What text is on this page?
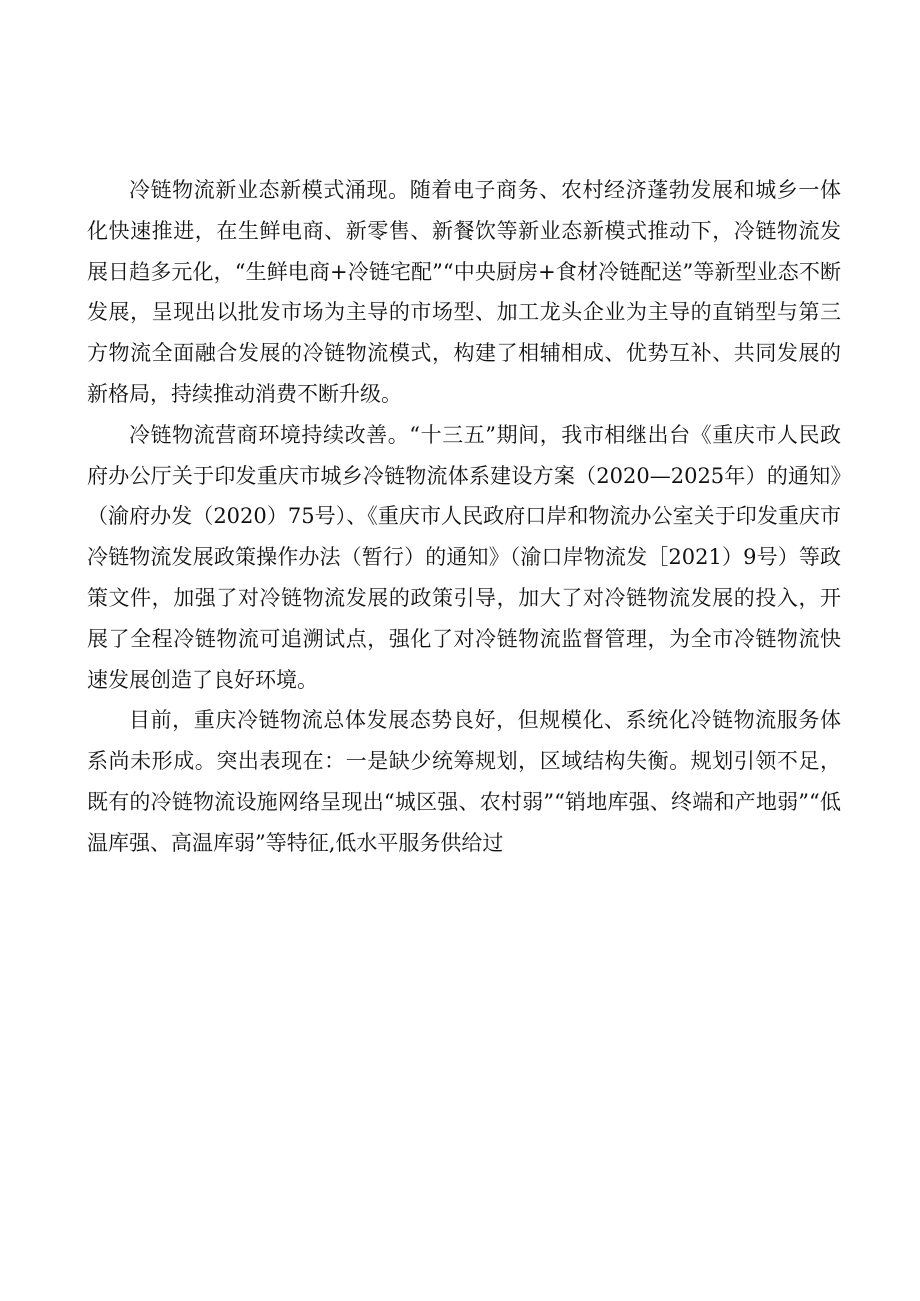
冷链物流新业态新模式涌现。随着电子商务、农村经济蓬勃发展和城乡一体化快速推进，在生鲜电商、新零售、新餐饮等新业态新模式推动下，冷链物流发展日趋多元化，“生鲜电商+冷链宅配”“中央厨房+食材冷链配送”等新型业态不断发展，呈现出以批发市场为主导的市场型、加工龙头企业为主导的直销型与第三方物流全面融合发展的冷链物流模式，构建了相辅相成、优势互补、共同发展的新格局，持续推动消费不断升级。

冷链物流营商环境持续改善。“十三五”期间，我市相继出台《重庆市人民政府办公厅关于印发重庆市城乡冷链物流体系建设方案（2020—2025年）的通知》（渝府办发（2020）75号）、《重庆市人民政府口岸和物流办公室关于印发重庆市冷链物流发展政策操作办法（暂行）的通知》（渝口岸物流发［2021）9号）等政策文件，加强了对冷链物流发展的政策引导，加大了对冷链物流发展的投入，开展了全程冷链物流可追溯试点，强化了对冷链物流监督管理，为全市冷链物流快速发展创造了良好环境。

目前，重庆冷链物流总体发展态势良好，但规模化、系统化冷链物流服务体系尚未形成。突出表现在：一是缺少统筹规划，区域结构失衡。规划引领不足，既有的冷链物流设施网络呈现出“城区强、农村弱”“销地库强、终端和产地弱”“低温库强、高温库弱”等特征,低水平服务供给过
